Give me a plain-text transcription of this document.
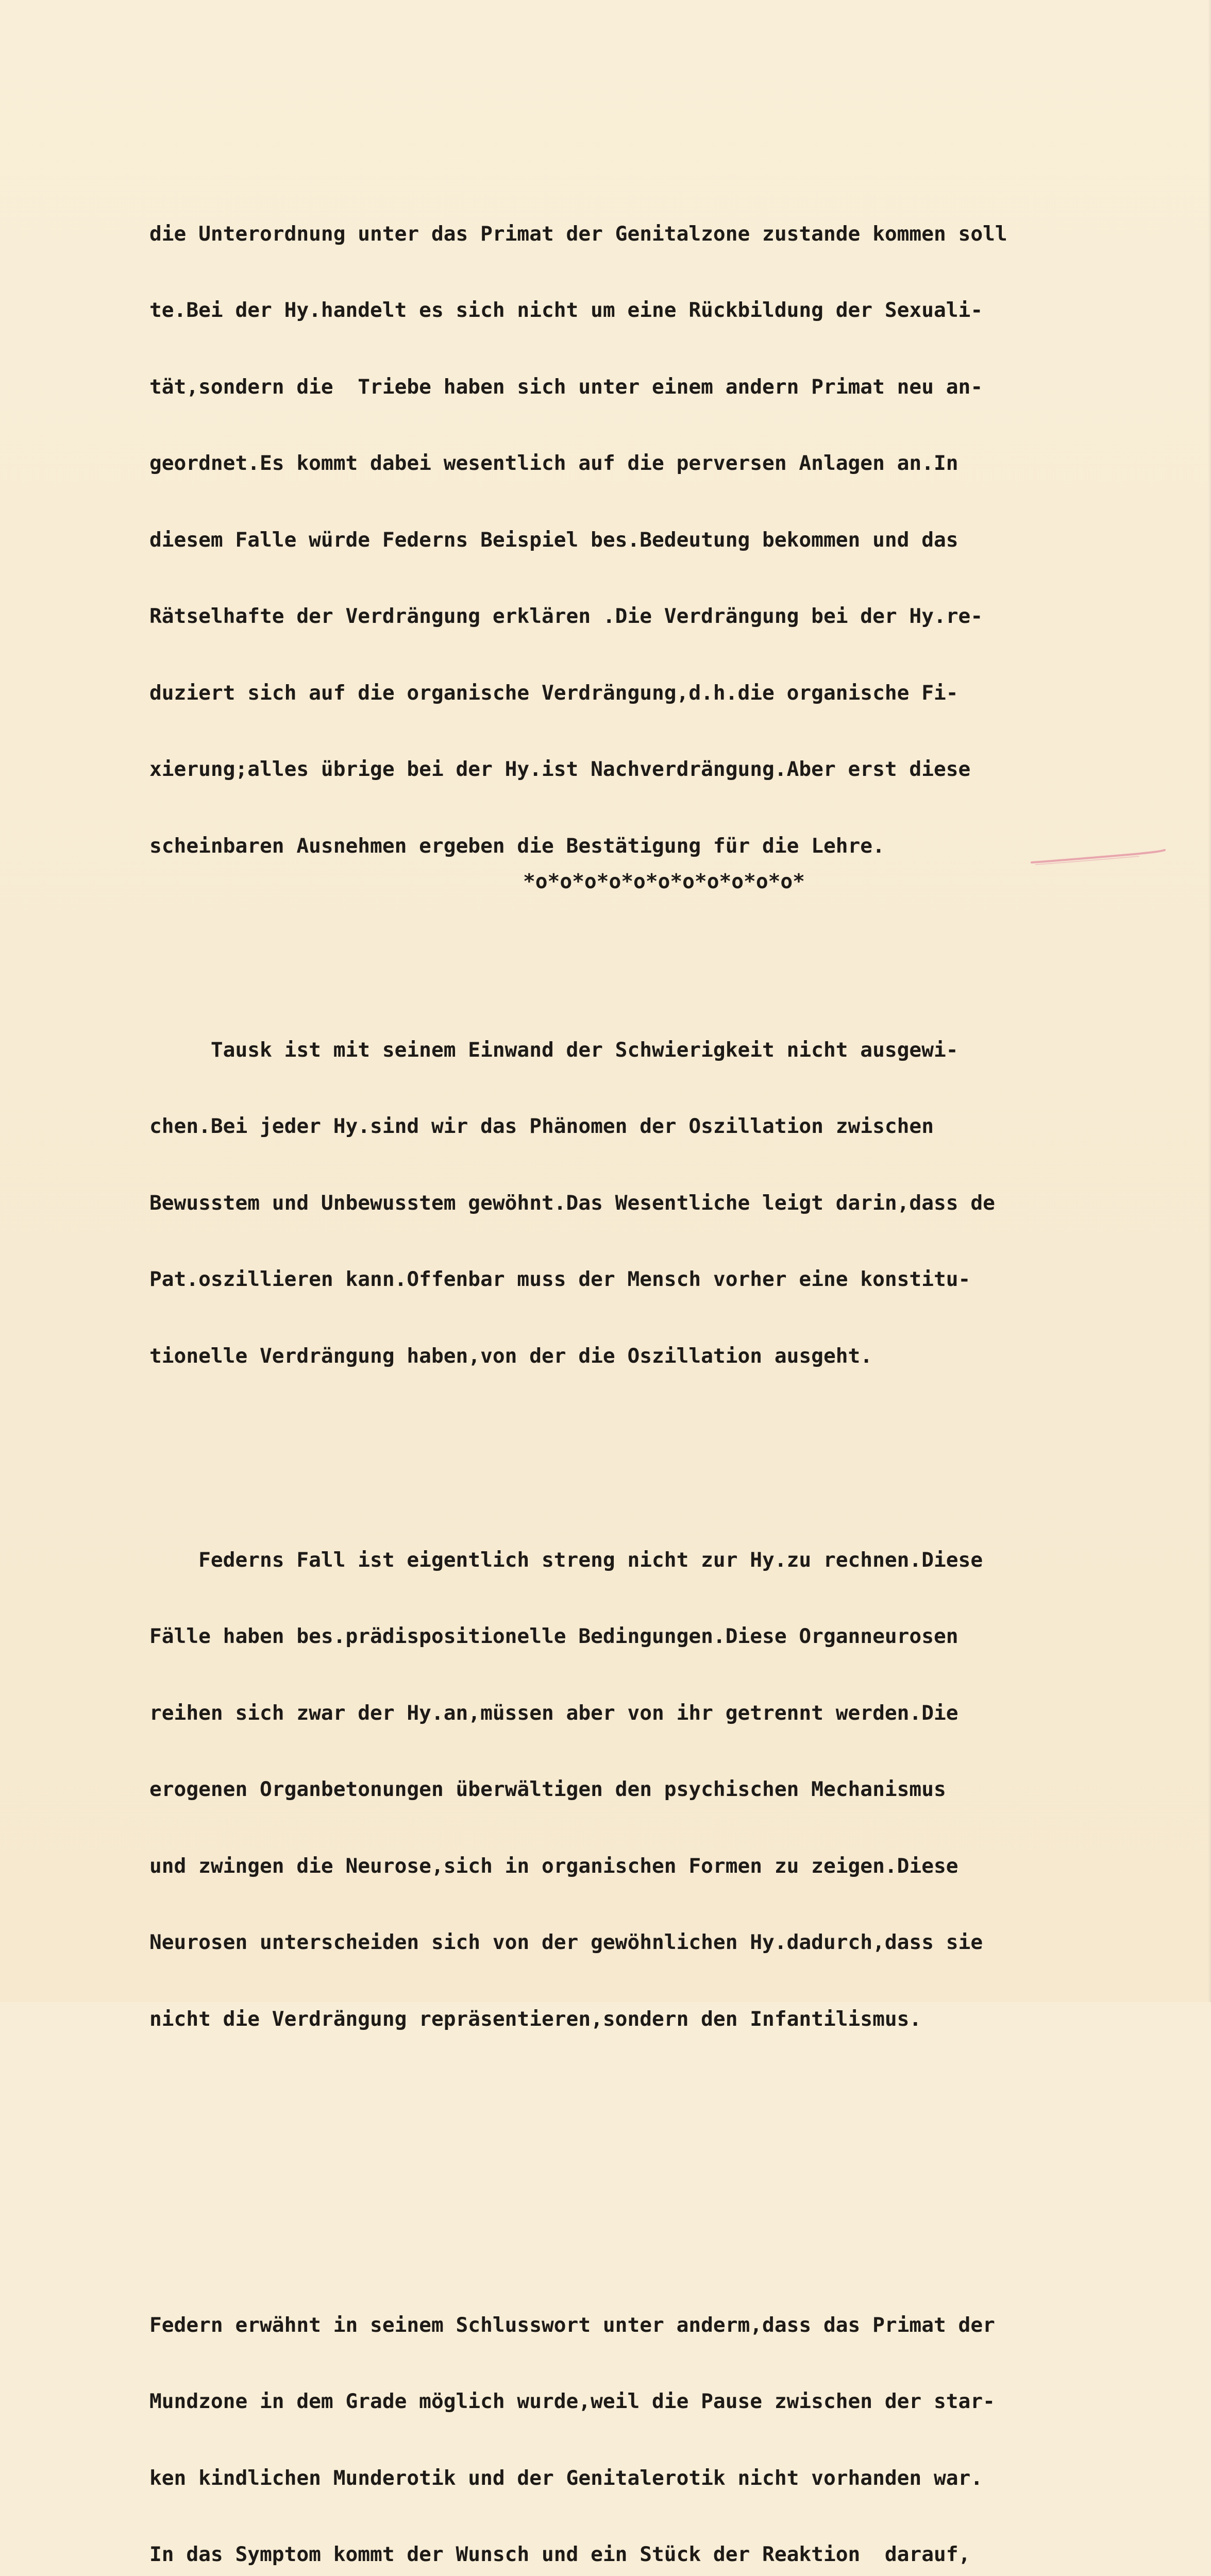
die Unterordnung unter das Primat der Genitalzone zustande kommen soll

te.Bei der Hy.handelt es sich nicht um eine Rückbildung der Sexuali-

tät,sondern die  Triebe haben sich unter einem andern Primat neu an-

geordnet.Es kommt dabei wesentlich auf die perversen Anlagen an.In

diesem Falle würde Federns Beispiel bes.Bedeutung bekommen und das

Rätselhafte der Verdrängung erklären .Die Verdrängung bei der Hy.re-

duziert sich auf die organische Verdrängung,d.h.die organische Fi-

xierung;alles übrige bei der Hy.ist Nachverdrängung.Aber erst diese

scheinbaren Ausnehmen ergeben die Bestätigung für die Lehre.

Tausk ist mit seinem Einwand der Schwierigkeit nicht ausgewi-

chen.Bei jeder Hy.sind wir das Phänomen der Oszillation zwischen

Bewusstem und Unbewusstem gewöhnt.Das Wesentliche leigt darin,dass de

Pat.oszillieren kann.Offenbar muss der Mensch vorher eine konstitu-

tionelle Verdrängung haben,von der die Oszillation ausgeht.

Federns Fall ist eigentlich streng nicht zur Hy.zu rechnen.Diese

Fälle haben bes.prädispositionelle Bedingungen.Diese Organneurosen

reihen sich zwar der Hy.an,müssen aber von ihr getrennt werden.Die

erogenen Organbetonungen überwältigen den psychischen Mechanismus

und zwingen die Neurose,sich in organischen Formen zu zeigen.Diese

Neurosen unterscheiden sich von der gewöhnlichen Hy.dadurch,dass sie

nicht die Verdrängung repräsentieren,sondern den Infantilismus.

Federn erwähnt in seinem Schlusswort unter anderm,dass das Primat der

Mundzone in dem Grade möglich wurde,weil die Pause zwischen der star-

ken kindlichen Munderotik und der Genitalerotik nicht vorhanden war.

In das Symptom kommt der Wunsch und ein Stück der Reaktion  darauf,

*o*o*o*o*o*o*o*o*o*o*o*
